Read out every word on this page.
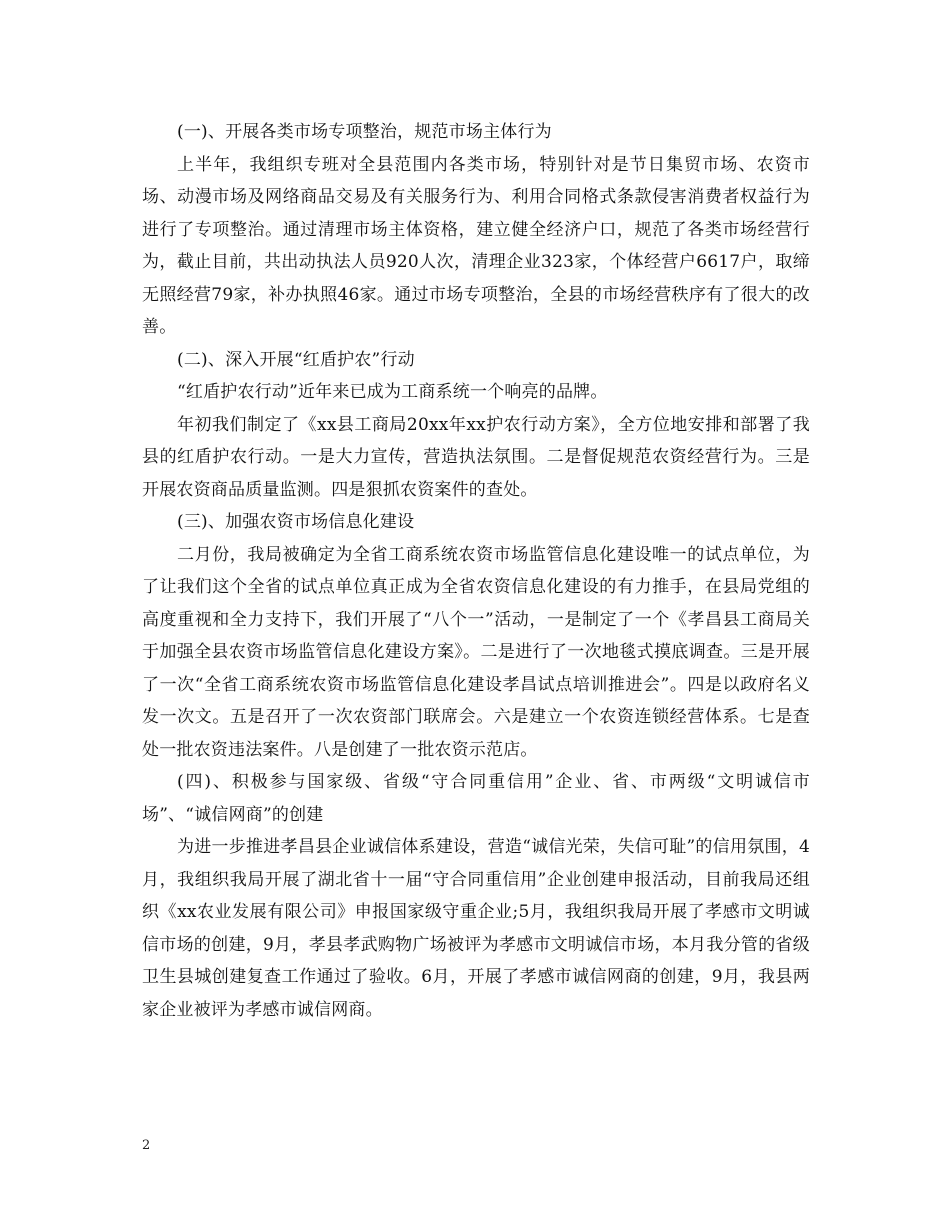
(一)、开展各类市场专项整治，规范市场主体行为

上半年，我组织专班对全县范围内各类市场，特别针对是节日集贸市场、农资市场、动漫市场及网络商品交易及有关服务行为、利用合同格式条款侵害消费者权益行为进行了专项整治。通过清理市场主体资格，建立健全经济户口，规范了各类市场经营行为，截止目前，共出动执法人员920人次，清理企业323家，个体经营户6617户，取缔无照经营79家，补办执照46家。通过市场专项整治，全县的市场经营秩序有了很大的改善。

(二)、深入开展“红盾护农”行动

“红盾护农行动”近年来已成为工商系统一个响亮的品牌。

年初我们制定了《xx县工商局20xx年xx护农行动方案》，全方位地安排和部署了我县的红盾护农行动。一是大力宣传，营造执法氛围。二是督促规范农资经营行为。三是开展农资商品质量监测。四是狠抓农资案件的查处。

(三)、加强农资市场信息化建设

二月份，我局被确定为全省工商系统农资市场监管信息化建设唯一的试点单位，为了让我们这个全省的试点单位真正成为全省农资信息化建设的有力推手，在县局党组的高度重视和全力支持下，我们开展了“八个一”活动，一是制定了一个《孝昌县工商局关于加强全县农资市场监管信息化建设方案》。二是进行了一次地毯式摸底调查。三是开展了一次“全省工商系统农资市场监管信息化建设孝昌试点培训推进会”。四是以政府名义发一次文。五是召开了一次农资部门联席会。六是建立一个农资连锁经营体系。七是查处一批农资违法案件。八是创建了一批农资示范店。

(四)、积极参与国家级、省级“守合同重信用”企业、省、市两级“文明诚信市场”、“诚信网商”的创建

为进一步推进孝昌县企业诚信体系建设，营造“诚信光荣，失信可耻”的信用氛围，4月，我组织我局开展了湖北省十一届“守合同重信用”企业创建申报活动，目前我局还组织《xx农业发展有限公司》申报国家级守重企业;5月，我组织我局开展了孝感市文明诚信市场的创建，9月，孝县孝武购物广场被评为孝感市文明诚信市场，本月我分管的省级卫生县城创建复查工作通过了验收。6月，开展了孝感市诚信网商的创建，9月，我县两家企业被评为孝感市诚信网商。

2
